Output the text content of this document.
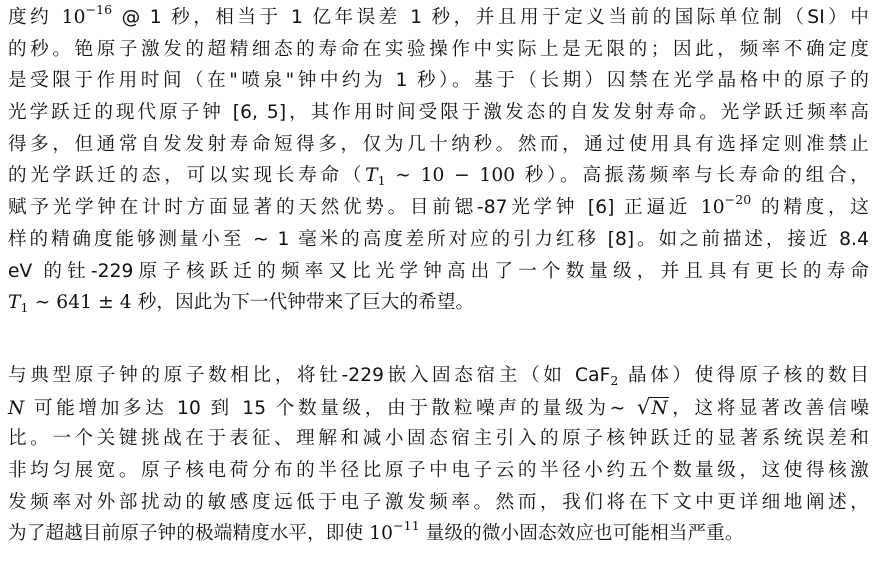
度约 $10^{-16}$ @ 1 秒，相当于 1 亿年误差 1 秒，并且用于定义当前的国际单位制（SI）中
的秒。铯原子激发的超精细态的寿命在实验操作中实际上是无限的；因此，频率不确定度
是受限于作用时间（在"喷泉"钟中约为 1 秒）。基于（长期）囚禁在光学晶格中的原子的
光学跃迁的现代原子钟 [6, 5]，其作用时间受限于激发态的自发发射寿命。光学跃迁频率高
得多，但通常自发发射寿命短得多，仅为几十纳秒。然而，通过使用具有选择定则准禁止
的光学跃迁的态，可以实现长寿命（$T_1$ ∼ 10 − 100 秒）。高振荡频率与长寿命的组合，
赋予光学钟在计时方面显著的天然优势。目前锶-87光学钟 [6] 正逼近 $10^{-20}$ 的精度，这
样的精确度能够测量小至 ∼ 1 毫米的高度差所对应的引力红移 [8]。如之前描述，接近 8.4
eV 的钍-229原子核跃迁的频率又比光学钟高出了一个数量级，并且具有更长的寿命
$T_1$ ∼ 641 ± 4 秒，因此为下一代钟带来了巨大的希望。
与典型原子钟的原子数相比，将钍-229嵌入固态宿主（如 CaF$_2$ 晶体）使得原子核的数目
N 可能增加多达 10 到 15 个数量级，由于散粒噪声的量级为∼ √N，这将显著改善信噪
比。一个关键挑战在于表征、理解和减小固态宿主引入的原子核钟跃迁的显著系统误差和
非均匀展宽。原子核电荷分布的半径比原子中电子云的半径小约五个数量级，这使得核激
发频率对外部扰动的敏感度远低于电子激发频率。然而，我们将在下文中更详细地阐述，
为了超越目前原子钟的极端精度水平，即使 $10^{-11}$ 量级的微小固态效应也可能相当严重。
